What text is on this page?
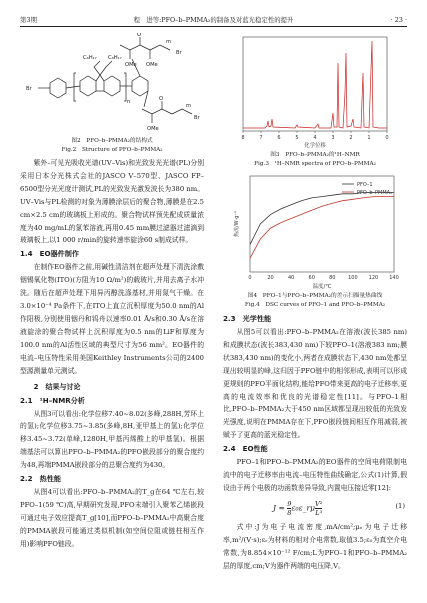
第3期	程　进等:PFO–b–PMMA₂的制备及对蓝光稳定性的提升	· 23 ·
Br
C₈H₁₇ C₈H₁₇
n
Br
Br
OMe OMe
OMe
m
m
O
O

图2　PFO–b–PMMA₂的结构式

Fig.2　Structure of PFO–b–PMMA₂

紫外–可见光吸收光谱(UV–Vis)和光致发光光谱(PL)分别采用日本分光株式会社的JASCO V–570型、JASCO FP–6500型分光光度计测试,PL的光致发光激发波长为380 nm。UV–Vis与PL检测的对象为薄膜涂层后的聚合物,薄膜是在2.5 cm×2.5 cm的玻璃板上形成的。聚合物试样预先配成质量浓度为40 mg/mL的氯苯溶液,再用0.45 mm膜过滤器过滤滴到玻璃板上,以1 000 r/min的旋转速率旋涂60 s制成试样。

1.4　EO器件制作

在制作EO器件之前,用碱性清洁剂在超声处理下清洗涂敷铟锡氧化物(ITO)(方阻为10 Ω/m²)的载玻片,并用去离子水冲洗。随后在超声处理下用异丙醇洗涤基材,并用氮气干燥。在3.0×10⁻⁴ Pa条件下,在ITO上直立沉积厚度为50.0 nm的Al作阳极,分别使用铟丹和钨舟以速率0.01 Å/s和0.30 Å/s在溶液旋涂的聚合物试样上沉积厚度为0.5 nm的LiF和厚度为100.0 nm的Al活性区域的典型尺寸为56 mm²。EO器件的电流–电压特性采用美国Keithley Instruments公司的2400型源测量单元测试。

2　结果与讨论

2.1　¹H–NMR分析

从图3可以看出:化学位移7.40~8.02(多峰,288H,芳环上的氢);化学位移3.75~3.85(多峰,8H,亚甲基上的氢);化学位移3.45~3.72(单峰,1280H,甲基丙烯酸上的甲基氢)。根据端基法可以算出PFO–b–PMMA₂的PFO嵌段部分的聚合度约为48,再端PMMA嵌段部分的总聚合度约为430。

2.2　热性能

从图4可以看出:PFO–b–PMMA₂的T_g在64 ℃左右,较PFO–1(59 ℃)高,早期研究发现,PFO末端引入聚苯乙烯嵌段可通过电子效应提高T_g[10],而PFO–b–PMMA₂中高聚合度的PMMA嵌段可能通过类似机制(如空间位阻或链柱相互作用)影响PFO链段。

8	7	6	5	4	3	2	1	0
化学位移

图3　PFO–b–PMMA₂的¹H–NMR

Fig.3　¹H–NMR spectra of PFO–b–PMMA₂

0	20	40	60	80	100 120 140
PFO–1
PFO–b–PMMA₂
热流/W·g⁻¹
温度/℃

图4　PFO–1与PFO–b–PMMA₂的差示扫描量热曲线

Fig.4　DSC curves of PFO–1 and PFO–b–PMMA₂

2.3　光学性能

从图5可以看出:PFO–b–PMMA₂在溶液(波长385 nm)和成膜状态(波长383,430 nm)下较PFO–1(溶液383 nm;膜状383,430 nm)的变化小,两者在成膜状态下,430 nm处都呈现出较明显的峰,这归因于PFO链中的相邻形成,表明可以形成更规则的PFO平面化结构,能给PFO带来更高的电子迁移率,更高的电流效率和优良的光谱稳定性[11]。与PFO–1相比,PFO–b–PMMA₂大于450 nm区域都呈现出较低的光致发光强度,说明在PMMA存在下,PFO嵌段链间相互作用减弱,被赋予了更高的蓝光稳定性。

2.4　EO性能

PFO–1和PFO–b–PMMA₂的EO器件的空间电荷限制电流中的电子迁移率由电流–电压特性曲线确定,公式(1)计算,假设由于两个电极的功函数差异导致,内置电压接近零[12]:

$J = \frac{9}{8}$ ε₀ε_rμ $\frac{\text{V²}}{\text{L³}}$	(1)

式中:J为电子电流密度,mA/cm²;μₑ为电子迁移率,m²/(V·s);εᵣ为材料的相对介电常数,取值3.5;ε₀为真空介电常数,为8.854×10⁻¹² F/cm;L为PFO–1和PFO–b–PMMA₂层的厚度,cm;V为器件两端的电压降,V。
